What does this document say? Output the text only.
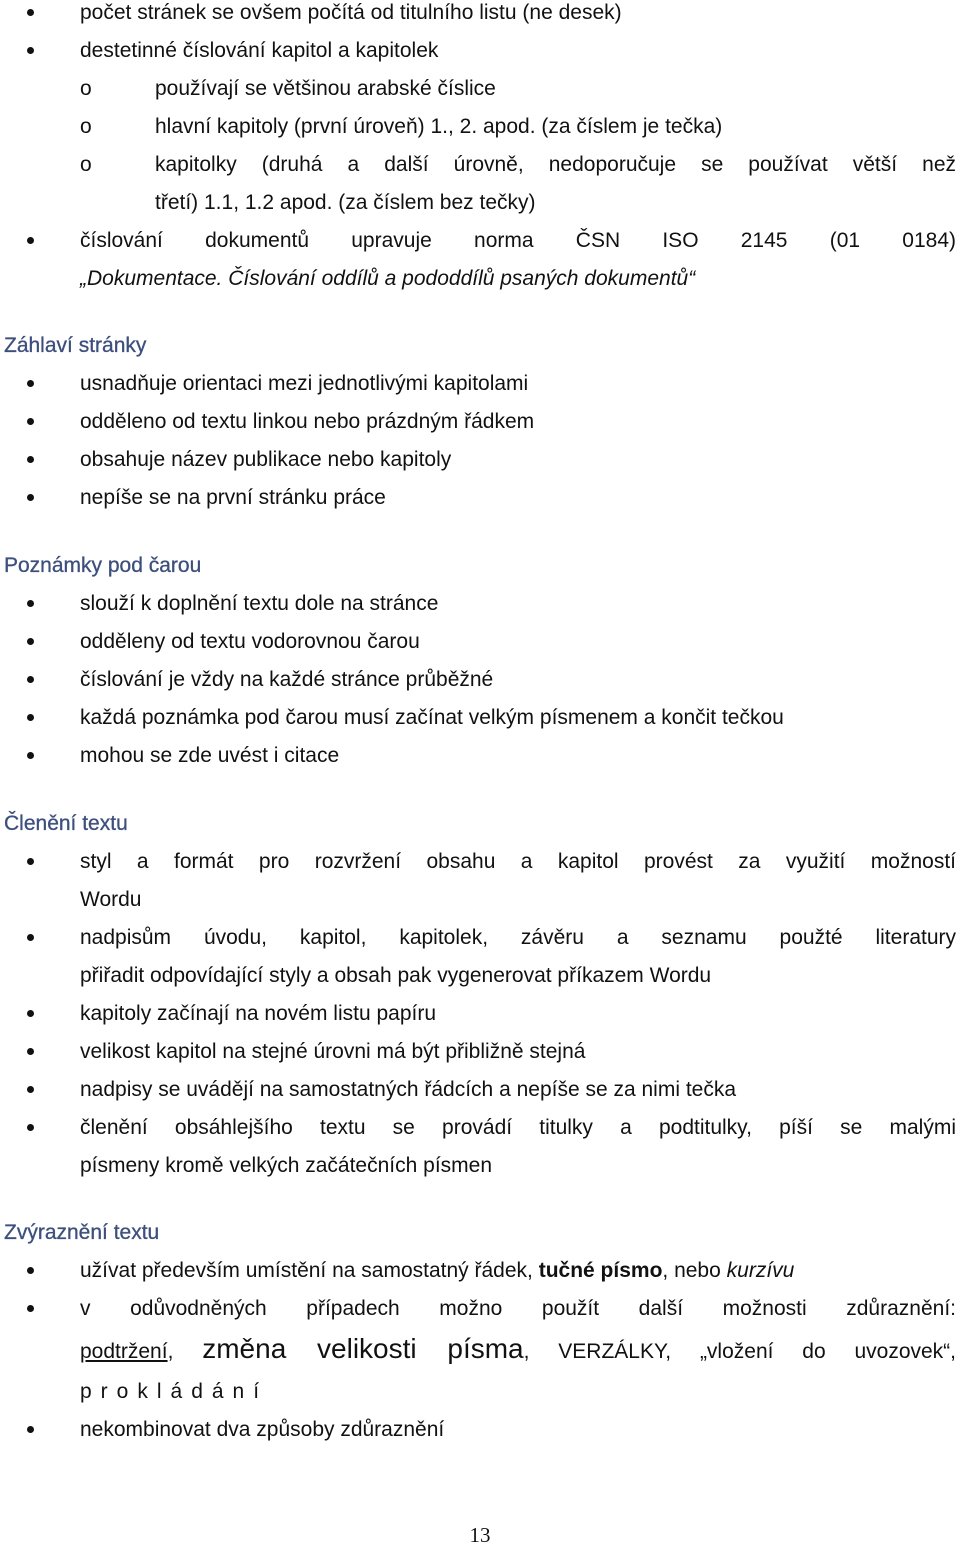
počet stránek se ovšem počítá od titulního listu (ne desek)
destetinné číslování kapitol a kapitolek
o	používají se většinou arabské číslice
o	hlavní kapitoly (první úroveň) 1., 2. apod. (za číslem je tečka)
o	kapitolky (druhá a další úrovně, nedoporučuje se používat větší než
třetí) 1.1, 1.2 apod. (za číslem bez tečky)
číslování dokumentů upravuje norma ČSN ISO 2145 (01 0184)
„Dokumentace. Číslování oddílů a pododdílů psaných dokumentů“
Záhlaví stránky
usnadňuje orientaci mezi jednotlivými kapitolami
odděleno od textu linkou nebo prázdným řádkem
obsahuje název publikace nebo kapitoly
nepíše se na první stránku práce
Poznámky pod čarou
slouží k doplnění textu dole na stránce
odděleny od textu vodorovnou čarou
číslování je vždy na každé stránce průběžné
každá poznámka pod čarou musí začínat velkým písmenem a končit tečkou
mohou se zde uvést i citace
Členění textu
styl a formát pro rozvržení obsahu a kapitol provést za využití možností
Wordu
nadpisům úvodu, kapitol, kapitolek, závěru a seznamu použté literatury
přiřadit odpovídající styly a obsah pak vygenerovat příkazem Wordu
kapitoly začínají na novém listu papíru
velikost kapitol na stejné úrovni má být přibližně stejná
nadpisy se uvádějí na samostatných řádcích a nepíše se za nimi tečka
členění obsáhlejšího textu se provádí titulky a podtitulky, píší se malými
písmeny kromě velkých začátečních písmen
Zvýraznění textu
užívat především umístění na samostatný řádek, tučné písmo, nebo kurzívu
v odůvodněných případech možno použít další možnosti zdůraznění:
podtržení, změna velikosti písma, VERZÁLKY, „vložení do uvozovek“,
prokládání
nekombinovat dva způsoby zdůraznění
13
